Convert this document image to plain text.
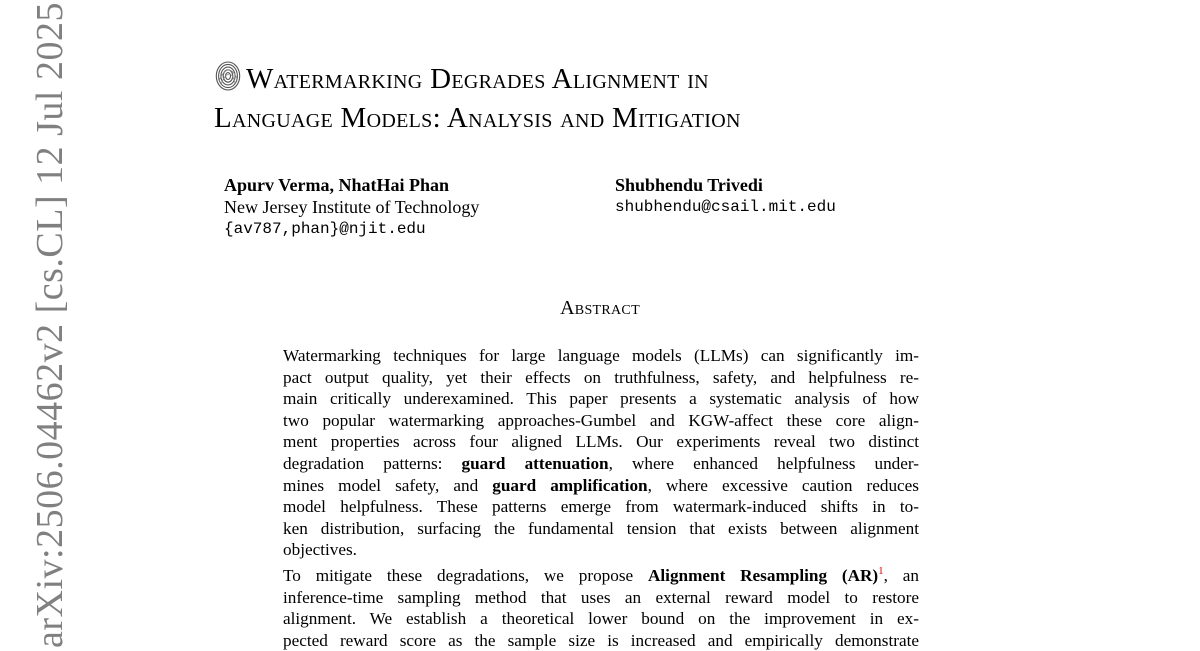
arXiv:2506.04462v2 [cs.CL] 12 Jul 2025	Watermarking Degrades Alignment in
Language Models: Analysis and Mitigation
Apurv Verma, NhatHai Phan
New Jersey Institute of Technology
{av787,phan}@njit.edu
Shubhendu Trivedi
shubhendu@csail.mit.edu
Abstract

Watermarking techniques for large language models (LLMs) can significantly im-
pact output quality, yet their effects on truthfulness, safety, and helpfulness re-
main critically underexamined. This paper presents a systematic analysis of how
two popular watermarking approaches-Gumbel and KGW-affect these core align-
ment properties across four aligned LLMs. Our experiments reveal two distinct
degradation patterns: guard attenuation, where enhanced helpfulness under-
mines model safety, and guard amplification, where excessive caution reduces
model helpfulness. These patterns emerge from watermark-induced shifts in to-
ken distribution, surfacing the fundamental tension that exists between alignment
objectives.

To mitigate these degradations, we propose Alignment Resampling (AR)$^1$, an
inference-time sampling method that uses an external reward model to restore
alignment. We establish a theoretical lower bound on the improvement in ex-
pected reward score as the sample size is increased and empirically demonstrate
